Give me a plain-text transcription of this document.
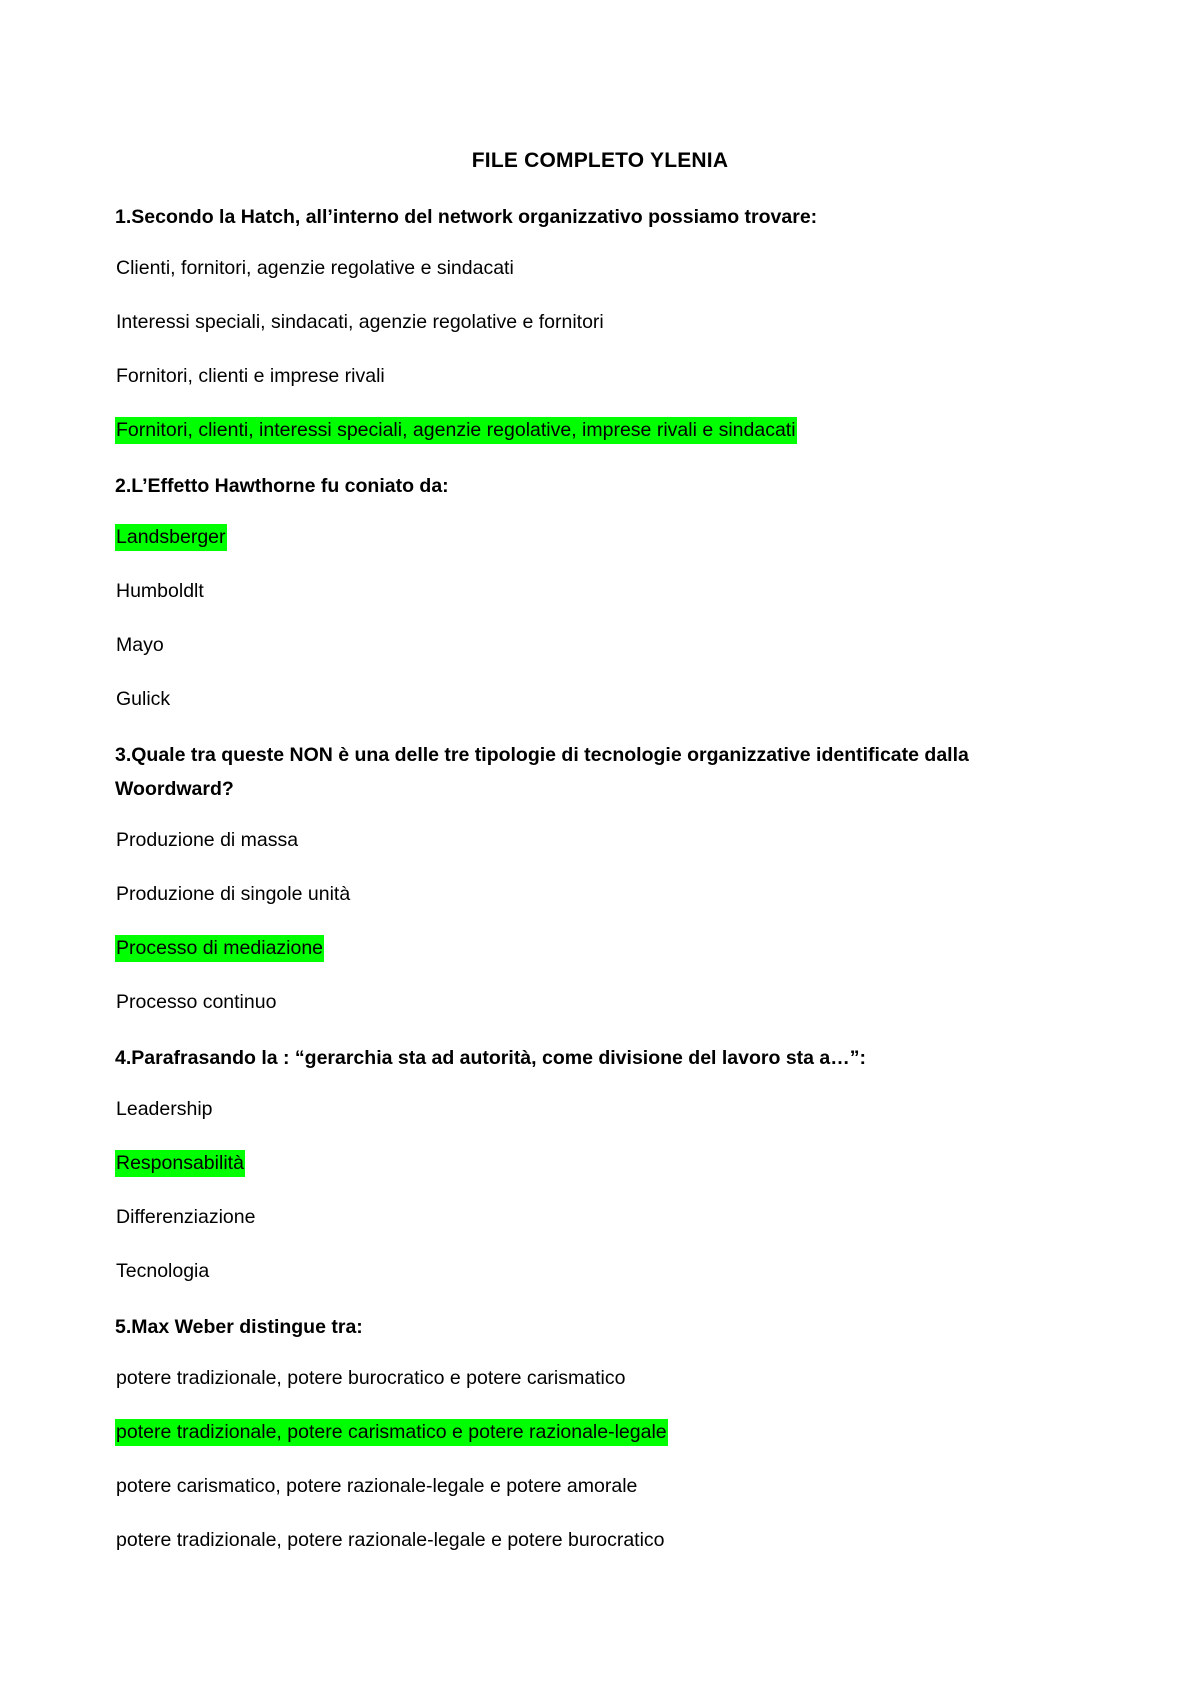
FILE COMPLETO YLENIA
1.Secondo la Hatch, all’interno del network organizzativo possiamo trovare:
Clienti, fornitori, agenzie regolative e sindacati
Interessi speciali, sindacati, agenzie regolative e fornitori
Fornitori, clienti e imprese rivali
Fornitori, clienti, interessi speciali, agenzie regolative, imprese rivali e sindacati
2.L’Effetto Hawthorne fu coniato da:
Landsberger
Humboldlt
Mayo
Gulick
3.Quale tra queste NON è una delle tre tipologie di tecnologie organizzative identificate dalla Woordward?
Produzione di massa
Produzione di singole unità
Processo di mediazione
Processo continuo
4.Parafrasando la : “gerarchia sta ad autorità, come divisione del lavoro sta a…”:
Leadership
Responsabilità
Differenziazione
Tecnologia
5.Max Weber distingue tra:
potere tradizionale, potere burocratico e potere carismatico
potere tradizionale, potere carismatico e potere razionale-legale
potere carismatico, potere razionale-legale e potere amorale
potere tradizionale, potere razionale-legale e potere burocratico
